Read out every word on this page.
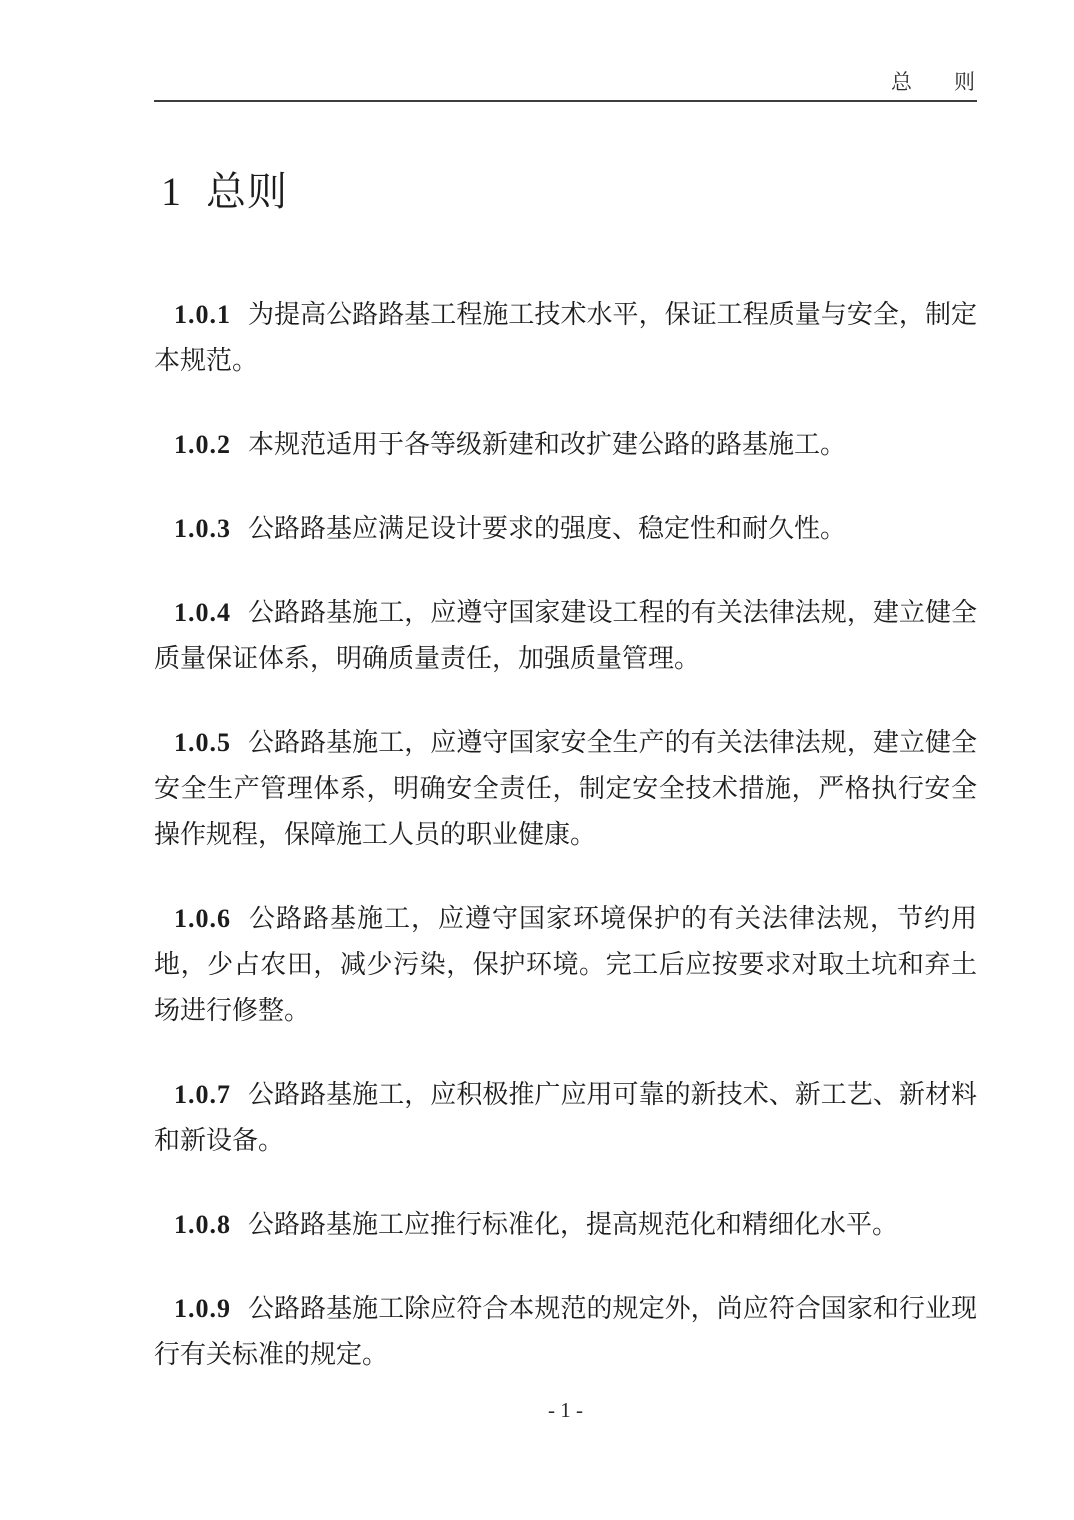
总　　则
1 总则

1.0.1 为提高公路路基工程施工技术水平，保证工程质量与安全，制定本规范。

1.0.2 本规范适用于各等级新建和改扩建公路的路基施工。

1.0.3 公路路基应满足设计要求的强度、稳定性和耐久性。

1.0.4 公路路基施工，应遵守国家建设工程的有关法律法规，建立健全质量保证体系，明确质量责任，加强质量管理。

1.0.5 公路路基施工，应遵守国家安全生产的有关法律法规，建立健全安全生产管理体系，明确安全责任，制定安全技术措施，严格执行安全操作规程，保障施工人员的职业健康。

1.0.6 公路路基施工，应遵守国家环境保护的有关法律法规，节约用地，少占农田，减少污染，保护环境。完工后应按要求对取土坑和弃土场进行修整。

1.0.7 公路路基施工，应积极推广应用可靠的新技术、新工艺、新材料和新设备。

1.0.8 公路路基施工应推行标准化，提高规范化和精细化水平。

1.0.9 公路路基施工除应符合本规范的规定外，尚应符合国家和行业现行有关标准的规定。

- 1 -
